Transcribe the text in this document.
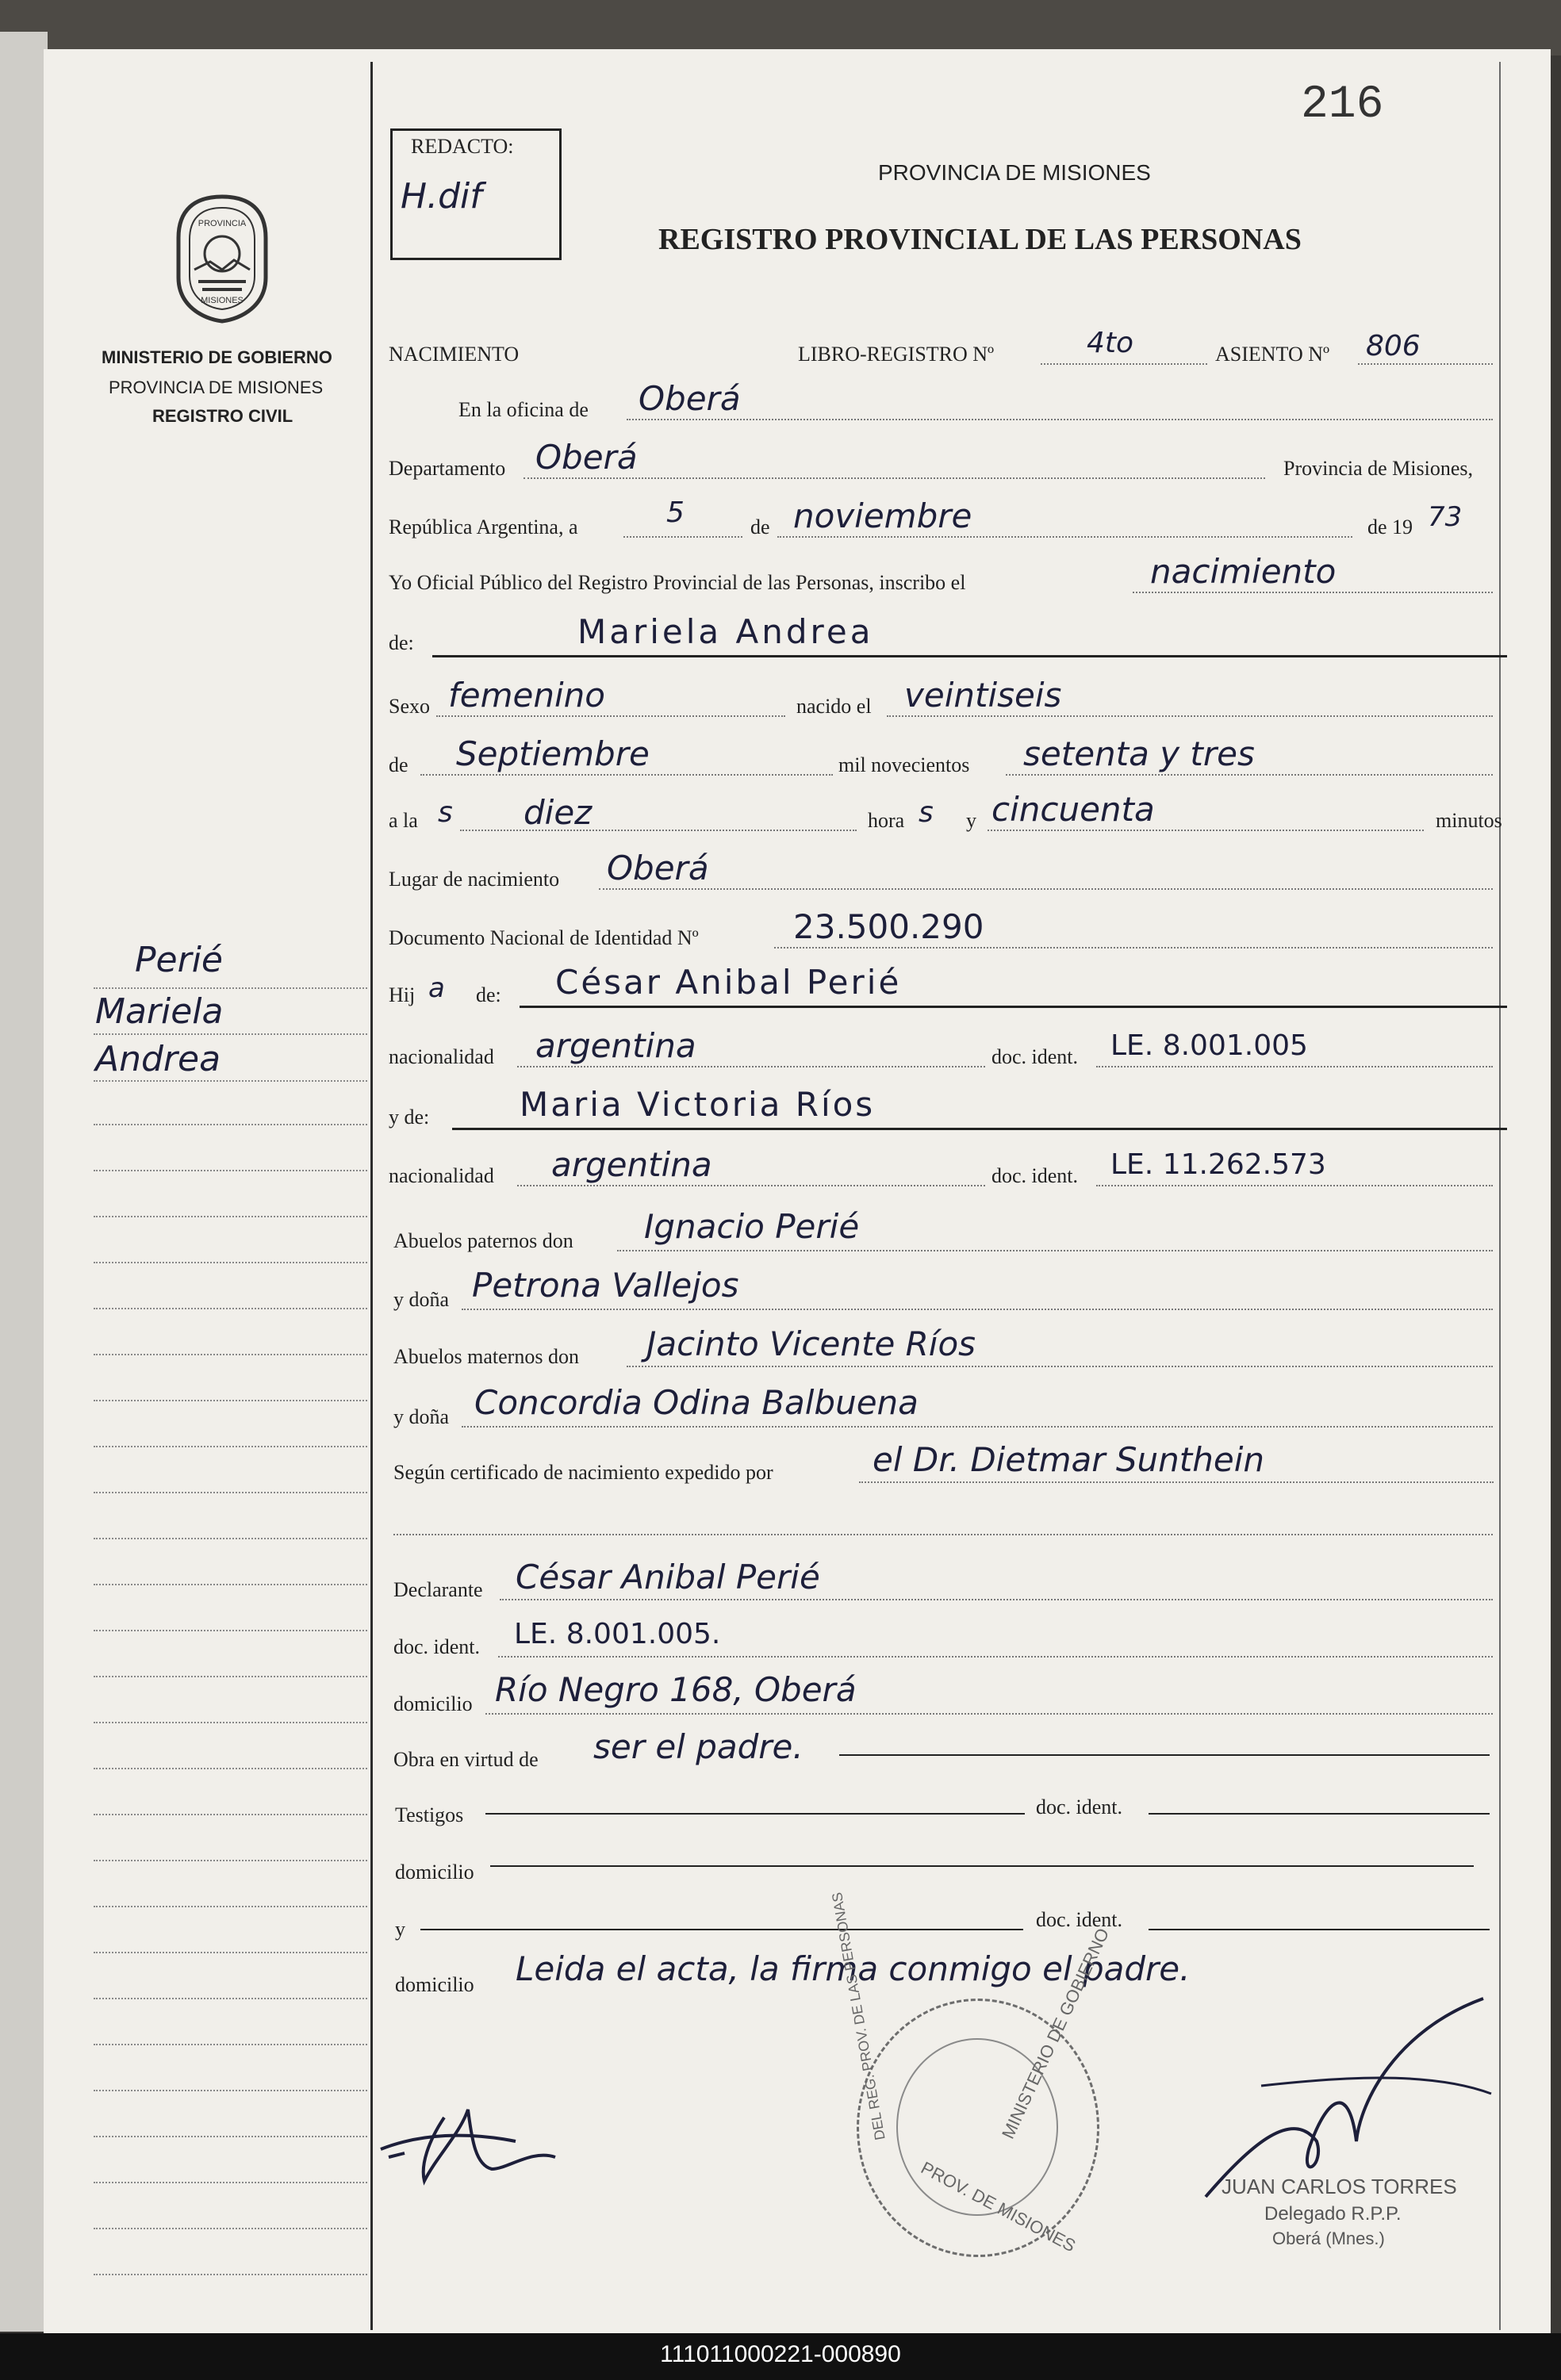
216
REDACTO:
H.dif
PROVINCIA DE MISIONES
REGISTRO PROVINCIAL DE LAS PERSONAS
PROVINCIA
MISIONES
MINISTERIO DE GOBIERNO
PROVINCIA DE MISIONES
REGISTRO CIVIL
Perié
Mariela
Andrea
NACIMIENTO	LIBRO-REGISTRO Nº	4to	ASIENTO Nº 806
En la oficina de Oberá
Departamento Oberá	Provincia de Misiones,
República Argentina, a	5	de noviembre	de 19 73
Yo Oficial Público del Registro Provincial de las Personas, inscribo el	nacimiento
de:	Mariela Andrea
Sexo femenino	nacido el veintiseis
de Septiembre	mil novecientos setenta y tres
a la s diez	hora s y cincuenta	minutos
Lugar de nacimiento Oberá
Documento Nacional de Identidad Nº	23.500.290
Hij a de: César Anibal Perié
nacionalidad argentina	doc. ident. LE. 8.001.005
y de:	Maria Victoria Ríos
nacionalidad argentina	doc. ident. LE. 11.262.573
Abuelos paternos don Ignacio Perié
y doña Petrona Vallejos
Abuelos maternos don Jacinto Vicente Ríos
y doña Concordia Odina Balbuena
Según certificado de nacimiento expedido por	el Dr. Dietmar Sunthein
Declarante César Anibal Perié
doc. ident. LE. 8.001.005.
domicilio Río Negro 168, Oberá
Obra en virtud de ser el padre.
Testigos	doc. ident.
domicilio
y	doc. ident.
domicilio Leida el acta, la firma conmigo el padre.
MINISTERIO DE GOBIERNO
PROV. DE MISIONES
DEL REG. PROV. DE LAS PERSONAS
JUAN CARLOS TORRES
Delegado R.P.P.
Oberá (Mnes.)
111011000221-000890
